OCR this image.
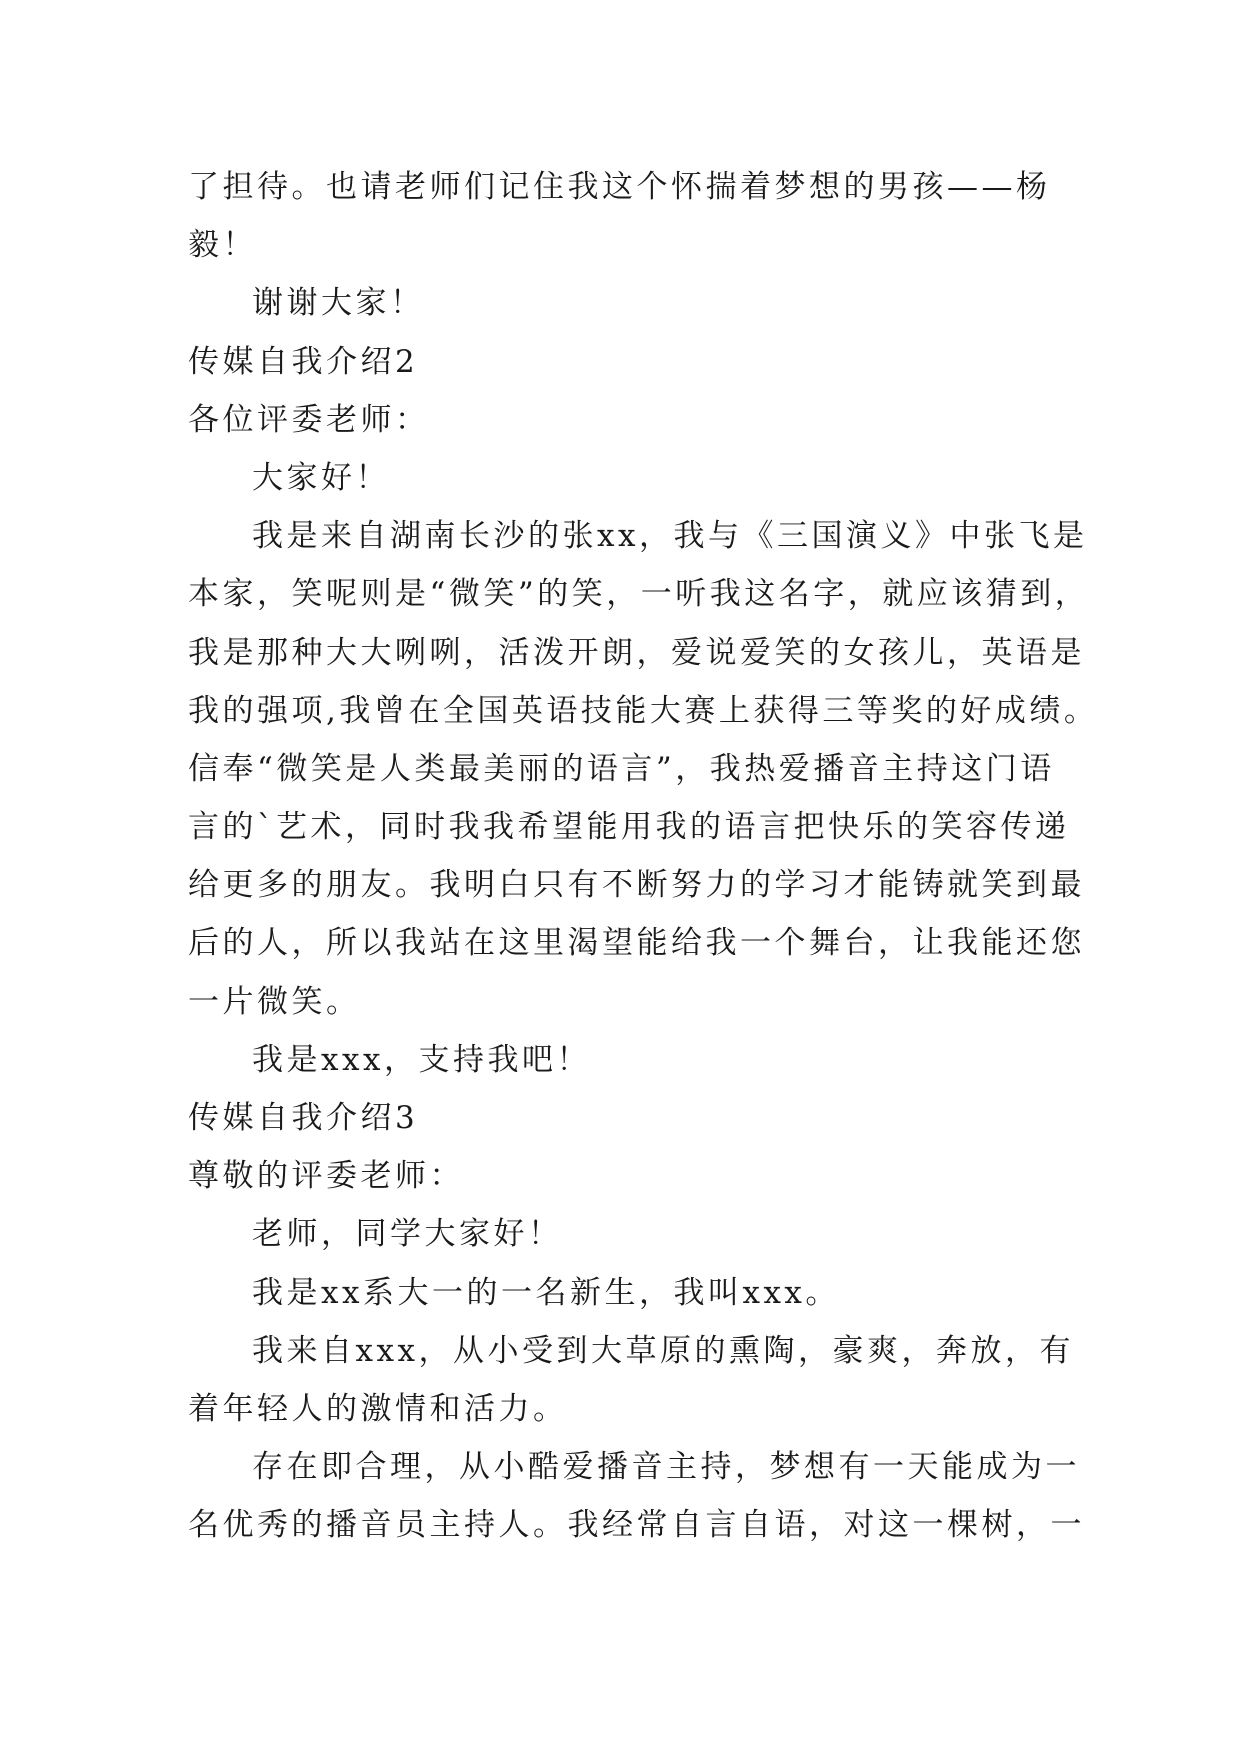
了担待。也请老师们记住我这个怀揣着梦想的男孩——杨
毅！
谢谢大家！
传媒自我介绍2
各位评委老师：
大家好！
我是来自湖南长沙的张xx，我与《三国演义》中张飞是
本家，笑呢则是“微笑”的笑，一听我这名字，就应该猜到，
我是那种大大咧咧，活泼开朗，爱说爱笑的女孩儿，英语是
我的强项,我曾在全国英语技能大赛上获得三等奖的好成绩。
信奉“微笑是人类最美丽的语言”，我热爱播音主持这门语
言的`艺术，同时我我希望能用我的语言把快乐的笑容传递
给更多的朋友。我明白只有不断努力的学习才能铸就笑到最
后的人，所以我站在这里渴望能给我一个舞台，让我能还您
一片微笑。
我是xxx，支持我吧！
传媒自我介绍3
尊敬的评委老师：
老师，同学大家好！
我是xx系大一的一名新生，我叫xxx。
我来自xxx，从小受到大草原的熏陶，豪爽，奔放，有
着年轻人的激情和活力。
存在即合理，从小酷爱播音主持，梦想有一天能成为一
名优秀的播音员主持人。我经常自言自语，对这一棵树，一
